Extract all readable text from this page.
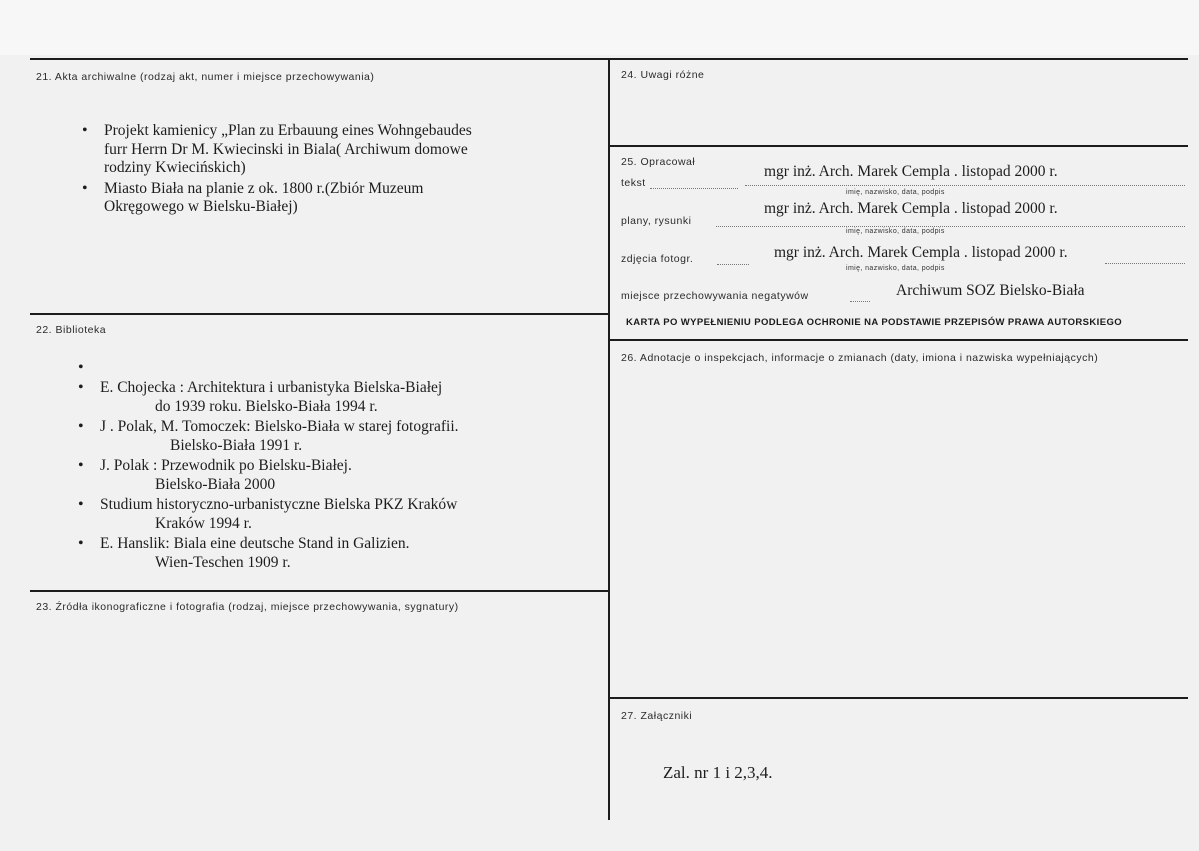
21. Akta archiwalne (rodzaj akt, numer i miejsce przechowywania)
• Projekt kamienicy „Plan zu Erbauung eines Wohngebaudes
furr Herrn Dr M. Kwiecinski in Biala( Archiwum domowe
rodziny Kwiecińskich)
• Miasto Biała na planie z ok. 1800 r.(Zbiór Muzeum
Okręgowego w Bielsku-Białej)
22. Biblioteka
•
• E. Chojecka : Architektura i urbanistyka Bielska-Białej

do 1939 roku. Bielsko-Biała 1994 r.
• J . Polak, M. Tomoczek: Bielsko-Biała w starej fotografii.

Bielsko-Biała 1991 r.
• J. Polak : Przewodnik po Bielsku-Białej.

Bielsko-Biała 2000
• Studium historyczno-urbanistyczne Bielska PKZ Kraków

Kraków 1994 r.
• E. Hanslik: Biala eine deutsche Stand in Galizien.

Wien-Teschen 1909 r.
23. Źródła ikonograficzne i fotografia (rodzaj, miejsce przechowywania, sygnatury)
24. Uwagi różne
25. Opracował
tekst
mgr inż. Arch. Marek Cempla . listopad 2000 r.
imię, nazwisko, data, podpis
plany, rysunki
mgr inż. Arch. Marek Cempla . listopad 2000 r.
imię, nazwisko, data, podpis
zdjęcia fotogr.	mgr inż. Arch. Marek Cempla . listopad 2000 r.
imię, nazwisko, data, podpis
miejsce przechowywania negatywów	Archiwum SOZ Bielsko-Biała
KARTA PO WYPEŁNIENIU PODLEGA OCHRONIE NA PODSTAWIE PRZEPISÓW PRAWA AUTORSKIEGO
26. Adnotacje o inspekcjach, informacje o zmianach (daty, imiona i nazwiska wypełniających)
27. Załączniki
Zal. nr 1 i 2,3,4.
